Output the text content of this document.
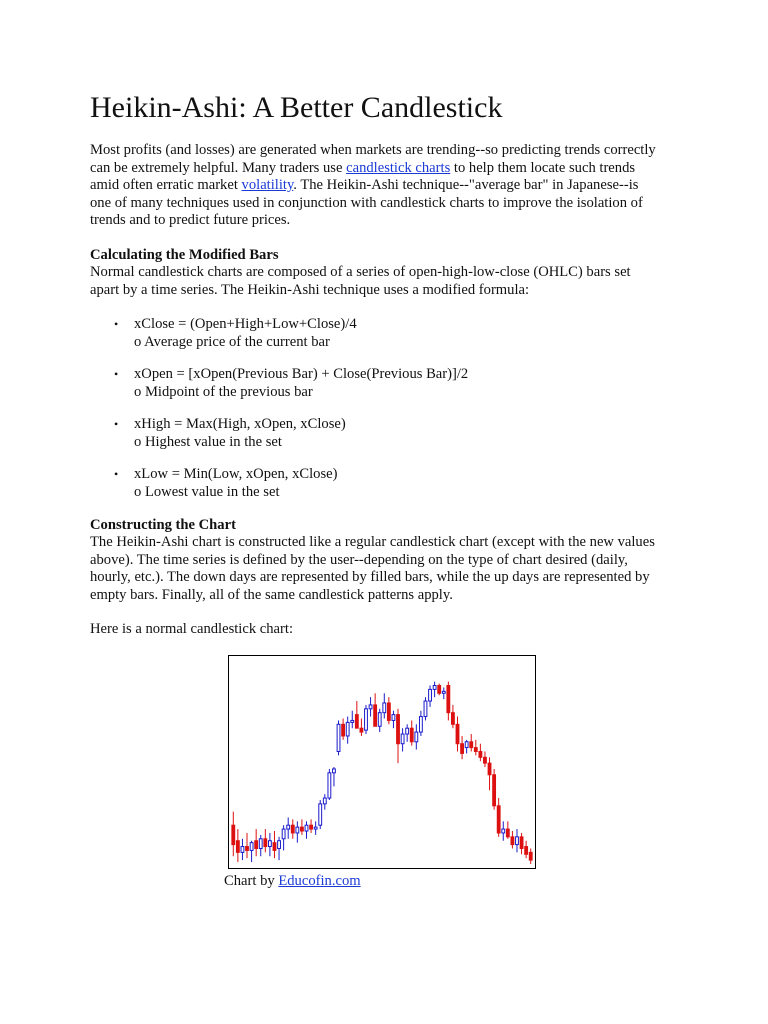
Heikin-Ashi: A Better Candlestick

Most profits (and losses) are generated when markets are trending--so predicting trends correctly
can be extremely helpful. Many traders use candlestick charts to help them locate such trends
amid often erratic market volatility. The Heikin-Ashi technique--"average bar" in Japanese--is
one of many techniques used in conjunction with candlestick charts to improve the isolation of
trends and to predict future prices.

Calculating the Modified Bars

Normal candlestick charts are composed of a series of open-high-low-close (OHLC) bars set
apart by a time series. The Heikin-Ashi technique uses a modified formula:

• xClose = (Open+High+Low+Close)/4
o Average price of the current bar
• xOpen = [xOpen(Previous Bar) + Close(Previous Bar)]/2
o Midpoint of the previous bar
• xHigh = Max(High, xOpen, xClose)
o Highest value in the set
• xLow = Min(Low, xOpen, xClose)
o Lowest value in the set
Constructing the Chart

The Heikin-Ashi chart is constructed like a regular candlestick chart (except with the new values
above). The time series is defined by the user--depending on the type of chart desired (daily,
hourly, etc.). The down days are represented by filled bars, while the up days are represented by
empty bars. Finally, all of the same candlestick patterns apply.

Here is a normal candlestick chart:

Chart by Educofin.com
